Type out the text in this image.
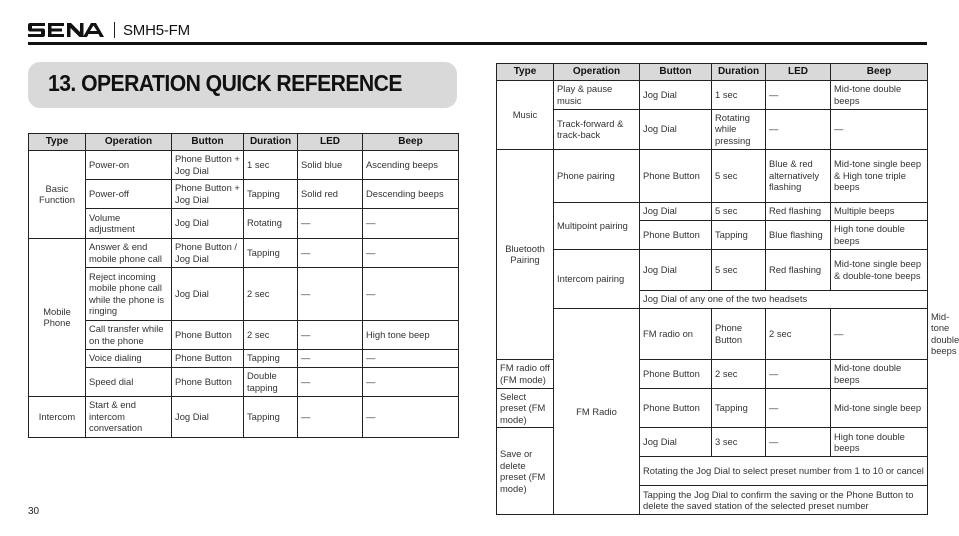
SMH5-FM
13. OPERATION QUICK REFERENCE
Type	Operation	Button	Duration	LED	Beep
Basic Function	Power-on	Phone Button + Jog Dial	1 sec	Solid blue	Ascending beeps
	Power-off	Phone Button + Jog Dial	Tapping	Solid red	Descending beeps
	Volume adjustment	Jog Dial	Rotating	—	—
Mobile Phone	Answer & end mobile phone call	Phone Button / Jog Dial	Tapping	—	—
	Reject incoming mobile phone call while the phone is ringing	Jog Dial	2 sec	—	—
	Call transfer while on the phone	Phone Button	2 sec	—	High tone beep
	Voice dialing	Phone Button	Tapping	—	—
	Speed dial	Phone Button	Double tapping	—	—
Intercom	Start & end intercom conversation	Jog Dial	Tapping	—	—
Type	Operation	Button	Duration	LED	Beep	
Music	Play & pause music	Jog Dial	1 sec	—	Mid-tone double beeps	
	Track-forward & track-back	Jog Dial	Rotating while pressing	—	—	
Bluetooth Pairing	Phone pairing	Phone Button	5 sec	Blue & red alternatively flashing	Mid-tone single beep & High tone triple beeps	
	Multipoint pairing	Jog Dial	5 sec	Red flashing	Multiple beeps	
		Phone Button	Tapping	Blue flashing	High tone double beeps	
	Intercom pairing	Jog Dial	5 sec	Red flashing	Mid-tone single beep & double-tone beeps	
		Jog Dial of any one of the two headsets				
	FM Radio	FM radio on	Phone Button	2 sec	—	Mid-tone double beeps
FM radio off (FM mode)		Phone Button	2 sec	—	Mid-tone double beeps	
Select preset (FM mode)		Phone Button	Tapping	—	Mid-tone single beep	
Save or delete preset (FM mode)		Jog Dial	3 sec	—	High tone double beeps	
		Rotating the Jog Dial to select preset number from 1 to 10 or cancel				
		Tapping the Jog Dial to confirm the saving or the Phone Button to delete the saved station of the selected preset number				
30
